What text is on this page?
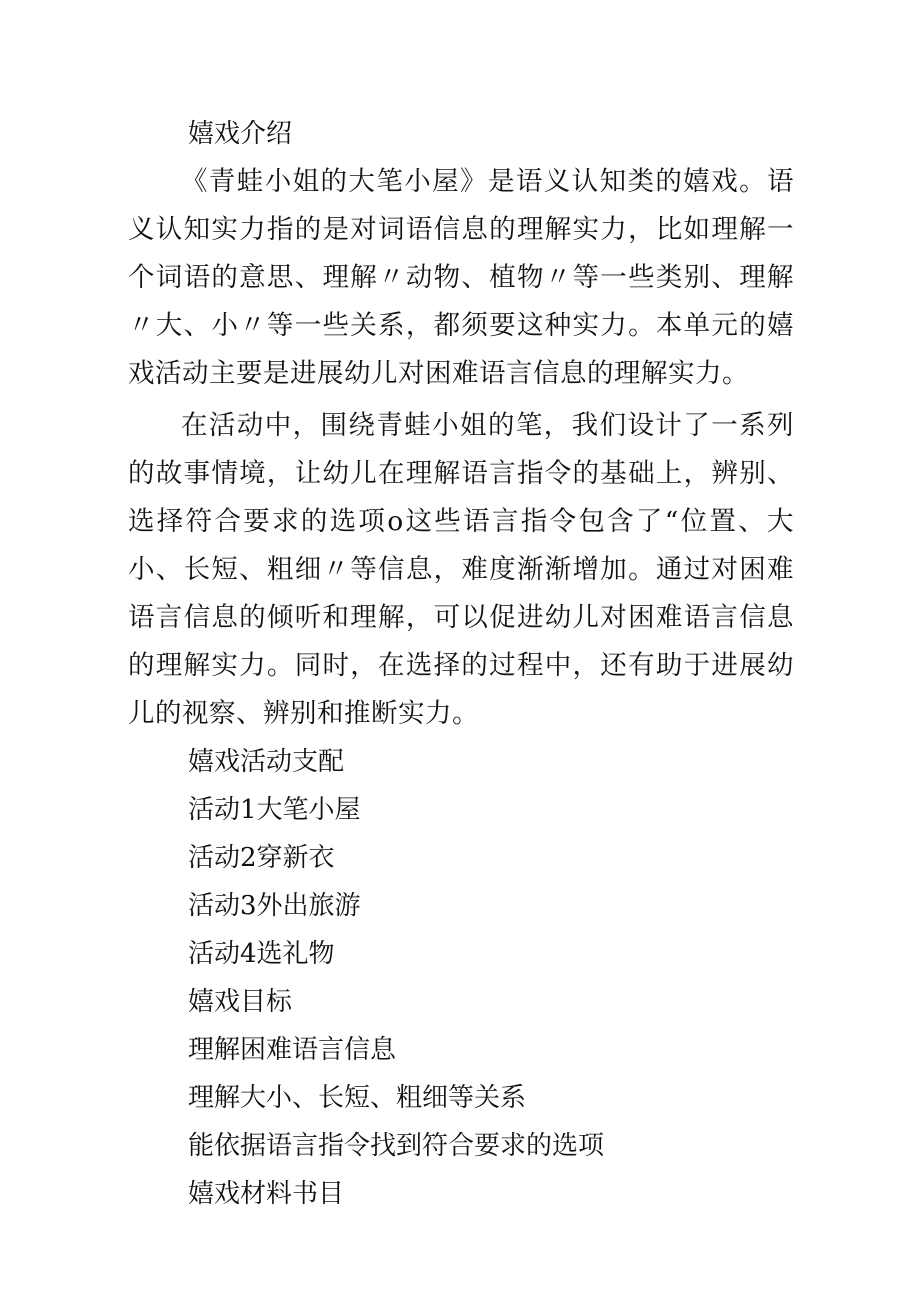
嬉戏介绍

《青蛙小姐的大笔小屋》是语义认知类的嬉戏。语义认知实力指的是对词语信息的理解实力，比如理解一个词语的意思、理解〃动物、植物〃等一些类别、理解〃大、小〃等一些关系，都须要这种实力。本单元的嬉戏活动主要是进展幼儿对困难语言信息的理解实力。

在活动中，围绕青蛙小姐的笔，我们设计了一系列的故事情境，让幼儿在理解语言指令的基础上，辨别、选择符合要求的选项o这些语言指令包含了“位置、大小、长短、粗细〃等信息，难度渐渐增加。通过对困难语言信息的倾听和理解，可以促进幼儿对困难语言信息的理解实力。同时，在选择的过程中，还有助于进展幼儿的视察、辨别和推断实力。

嬉戏活动支配

活动1大笔小屋

活动2穿新衣

活动3外出旅游

活动4选礼物

嬉戏目标

理解困难语言信息

理解大小、长短、粗细等关系

能依据语言指令找到符合要求的选项

嬉戏材料书目
